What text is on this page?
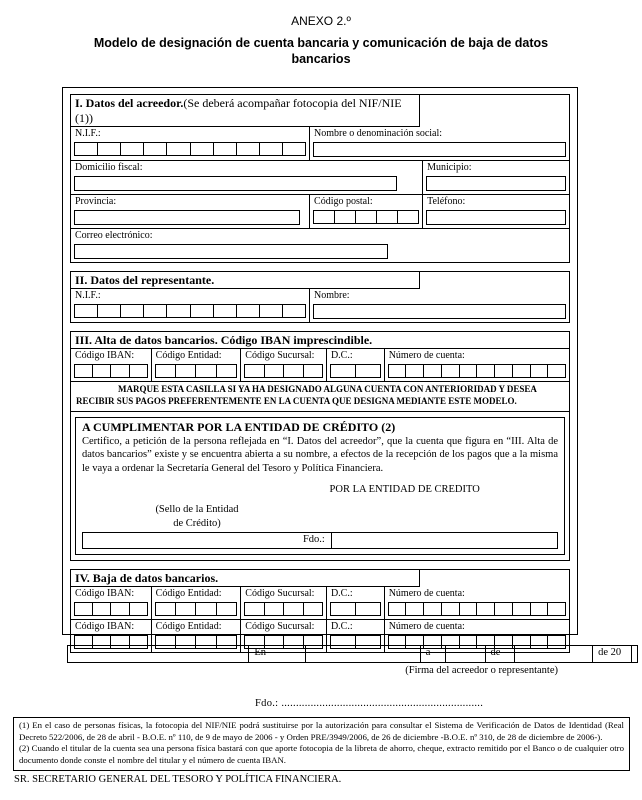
ANEXO 2.º
Modelo de designación de cuenta bancaria y comunicación de baja de datos bancarios
I. Datos del acreedor.(Se deberá acompañar fotocopia del NIF/NIE (1))
N.I.F.:	Nombre o denominación social:
Domicilio fiscal:	Municipio:
Provincia:	Código postal:	Teléfono:
Correo electrónico:
II. Datos del representante.
N.I.F.:	Nombre:
III. Alta de datos bancarios. Código IBAN imprescindible.
Código IBAN:	Código Entidad:	Código Sucursal:	D.C.:	Número de cuenta:
MARQUE ESTA CASILLA SI YA HA DESIGNADO ALGUNA CUENTA CON ANTERIORIDAD Y DESEA RECIBIR SUS PAGOS PREFERENTEMENTE EN LA CUENTA QUE DESIGNA MEDIANTE ESTE MODELO.
A CUMPLIMENTAR POR LA ENTIDAD DE CRÉDITO (2)
Certifico, a petición de la persona reflejada en “I. Datos del acreedor”, que la cuenta que figura en “III. Alta de datos bancarios” existe y se encuentra abierta a su nombre, a efectos de la recepción de los pagos que a la misma le vaya a ordenar la Secretaría General del Tesoro y Política Financiera.
POR LA ENTIDAD DE CREDITO
(Sello de la Entidad
de Crédito)
Fdo.:
IV. Baja de datos bancarios.
Código IBAN:	Código Entidad:	Código Sucursal:	D.C.:	Número de cuenta:
Código IBAN:	Código Entidad:	Código Sucursal:	D.C.:	Número de cuenta:
En	a	de	de 20
(Firma del acreedor o representante)
Fdo.: .....................................................................
(1) En el caso de personas físicas, la fotocopia del NIF/NIE podrá sustituirse por la autorización para consultar el Sistema de Verificación de Datos de Identidad (Real Decreto 522/2006, de 28 de abril - B.O.E. nº 110, de 9 de mayo de 2006 - y Orden PRE/3949/2006, de 26 de diciembre -B.O.E. nº 310, de 28 de diciembre de 2006-).
(2) Cuando el titular de la cuenta sea una persona física bastará con que aporte fotocopia de la libreta de ahorro, cheque, extracto remitido por el Banco o de cualquier otro documento donde conste el nombre del titular y el número de cuenta IBAN.
SR. SECRETARIO GENERAL DEL TESORO Y POLÍTICA FINANCIERA.
